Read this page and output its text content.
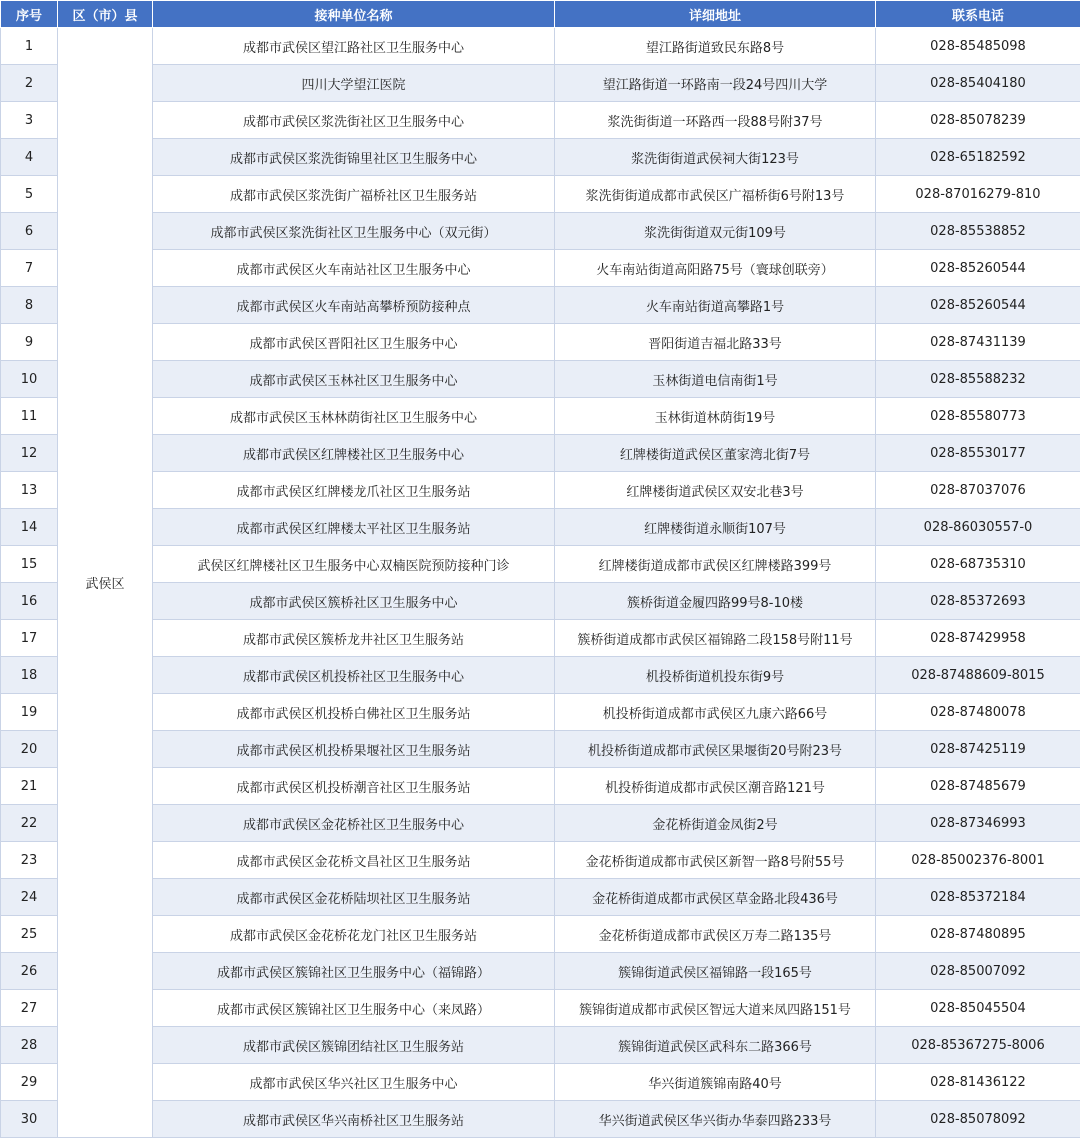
序号	区（市）县	接种单位名称	详细地址	联系电话
1	武侯区	成都市武侯区望江路社区卫生服务中心	望江路街道致民东路8号	028-85485098
2		四川大学望江医院	望江路街道一环路南一段24号四川大学	028-85404180
3		成都市武侯区浆洗街社区卫生服务中心	浆洗街街道一环路西一段88号附37号	028-85078239
4		成都市武侯区浆洗街锦里社区卫生服务中心	浆洗街街道武侯祠大街123号	028-65182592
5		成都市武侯区浆洗街广福桥社区卫生服务站	浆洗街街道成都市武侯区广福桥街6号附13号	028-87016279-810
6		成都市武侯区浆洗街社区卫生服务中心（双元街）	浆洗街街道双元街109号	028-85538852
7		成都市武侯区火车南站社区卫生服务中心	火车南站街道高阳路75号（寰球创联旁）	028-85260544
8		成都市武侯区火车南站高攀桥预防接种点	火车南站街道高攀路1号	028-85260544
9		成都市武侯区晋阳社区卫生服务中心	晋阳街道吉福北路33号	028-87431139
10		成都市武侯区玉林社区卫生服务中心	玉林街道电信南街1号	028-85588232
11		成都市武侯区玉林林荫街社区卫生服务中心	玉林街道林荫街19号	028-85580773
12		成都市武侯区红牌楼社区卫生服务中心	红牌楼街道武侯区董家湾北街7号	028-85530177
13		成都市武侯区红牌楼龙爪社区卫生服务站	红牌楼街道武侯区双安北巷3号	028-87037076
14		成都市武侯区红牌楼太平社区卫生服务站	红牌楼街道永顺街107号	028-86030557-0
15		武侯区红牌楼社区卫生服务中心双楠医院预防接种门诊	红牌楼街道成都市武侯区红牌楼路399号	028-68735310
16		成都市武侯区簇桥社区卫生服务中心	簇桥街道金履四路99号8-10楼	028-85372693
17		成都市武侯区簇桥龙井社区卫生服务站	簇桥街道成都市武侯区福锦路二段158号附11号	028-87429958
18		成都市武侯区机投桥社区卫生服务中心	机投桥街道机投东街9号	028-87488609-8015
19		成都市武侯区机投桥白佛社区卫生服务站	机投桥街道成都市武侯区九康六路66号	028-87480078
20		成都市武侯区机投桥果堰社区卫生服务站	机投桥街道成都市武侯区果堰街20号附23号	028-87425119
21		成都市武侯区机投桥潮音社区卫生服务站	机投桥街道成都市武侯区潮音路121号	028-87485679
22		成都市武侯区金花桥社区卫生服务中心	金花桥街道金凤街2号	028-87346993
23		成都市武侯区金花桥文昌社区卫生服务站	金花桥街道成都市武侯区新智一路8号附55号	028-85002376-8001
24		成都市武侯区金花桥陆坝社区卫生服务站	金花桥街道成都市武侯区草金路北段436号	028-85372184
25		成都市武侯区金花桥花龙门社区卫生服务站	金花桥街道成都市武侯区万寿二路135号	028-87480895
26		成都市武侯区簇锦社区卫生服务中心（福锦路）	簇锦街道武侯区福锦路一段165号	028-85007092
27		成都市武侯区簇锦社区卫生服务中心（来凤路）	簇锦街道成都市武侯区智远大道来凤四路151号	028-85045504
28		成都市武侯区簇锦团结社区卫生服务站	簇锦街道武侯区武科东二路366号	028-85367275-8006
29		成都市武侯区华兴社区卫生服务中心	华兴街道簇锦南路40号	028-81436122
30		成都市武侯区华兴南桥社区卫生服务站	华兴街道武侯区华兴街办华泰四路233号	028-85078092
